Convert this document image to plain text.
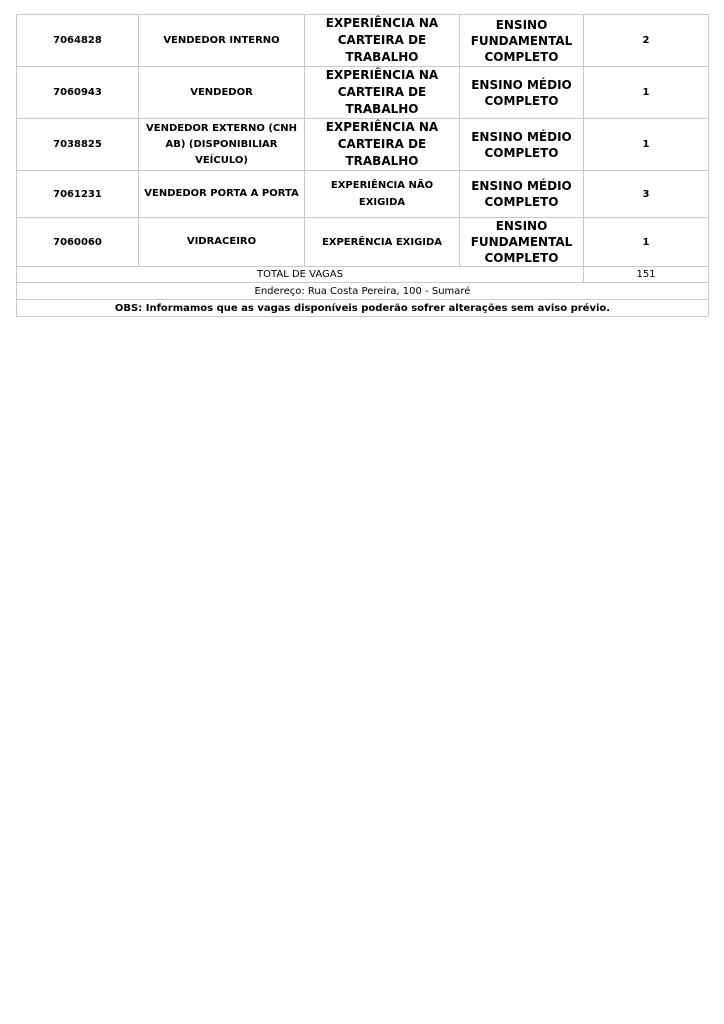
7064828	VENDEDOR INTERNO	EXPERIÊNCIA NA CARTEIRA DE TRABALHO	ENSINO FUNDAMENTAL COMPLETO	2
7060943	VENDEDOR	EXPERIÊNCIA NA CARTEIRA DE TRABALHO	ENSINO MÉDIO COMPLETO	1
7038825	VENDEDOR EXTERNO (CNH AB) (DISPONIBILIAR VEÍCULO)	EXPERIÊNCIA NA CARTEIRA DE TRABALHO	ENSINO MÉDIO COMPLETO	1
7061231	VENDEDOR PORTA A PORTA	EXPERIÊNCIA NÃO EXIGIDA	ENSINO MÉDIO COMPLETO	3
7060060	VIDRACEIRO	EXPERÊNCIA EXIGIDA	ENSINO FUNDAMENTAL COMPLETO	1
TOTAL DE VAGAS				151
Endereço: Rua Costa Pereira, 100 - Sumaré				
OBS: Informamos que as vagas disponíveis poderão sofrer alterações sem aviso prévio.				
